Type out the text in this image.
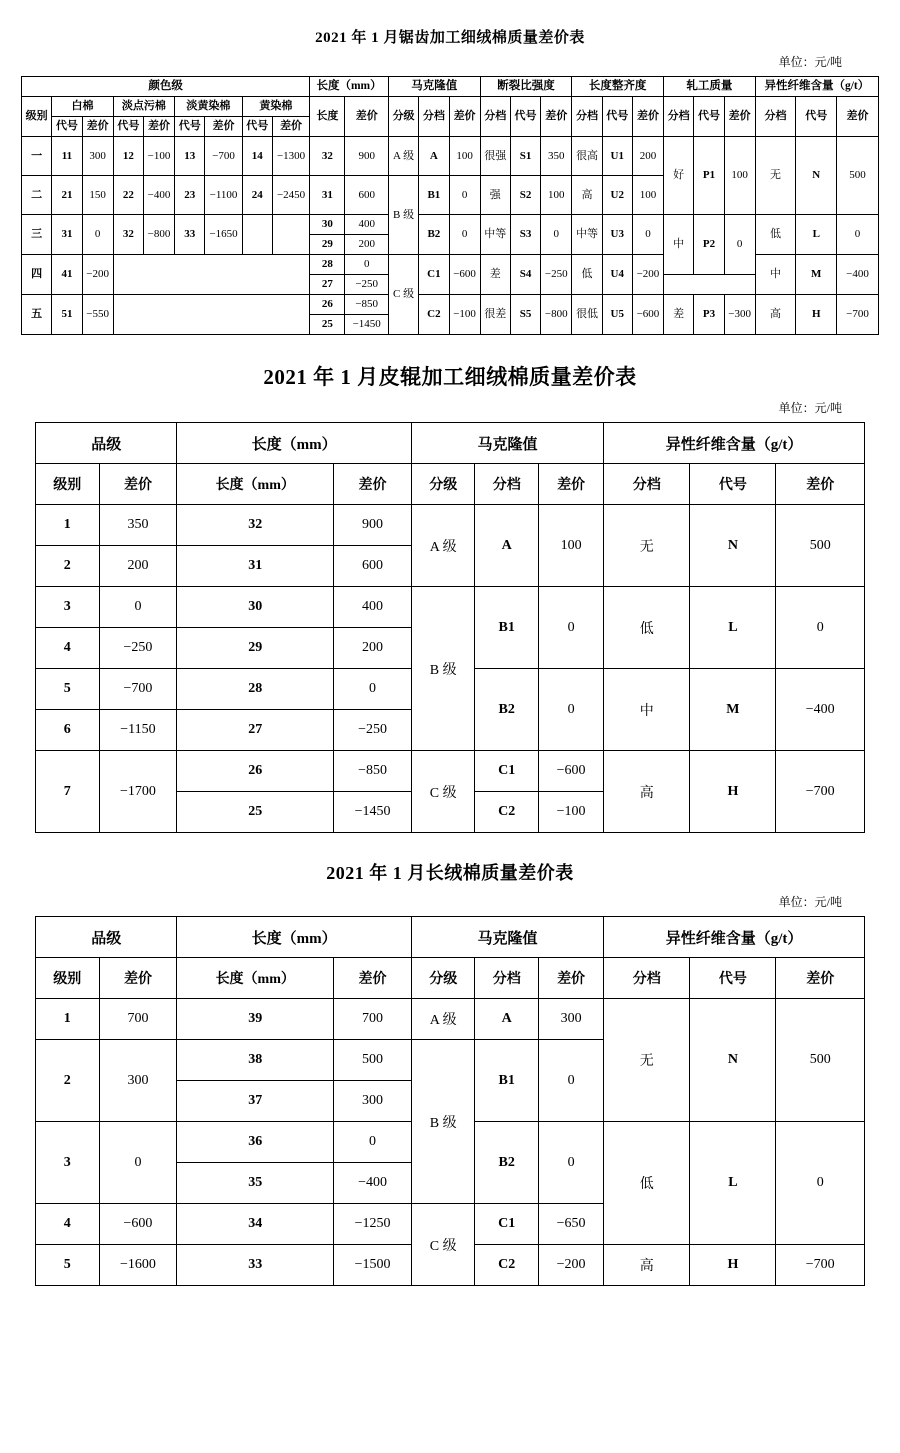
2021 年 1 月锯齿加工细绒棉质量差价表
单位：元/吨
颜色级									长度（mm）		马克隆值			断裂比强度			长度整齐度			轧工质量			异性纤维含量（g/t）		
级别	白棉		淡点污棉		淡黄染棉		黄染棉		长度	差价	分级	分档	差价	分档	代号	差价	分档	代号	差价	分档	代号	差价	分档	代号	差价
	代号	差价	代号	差价	代号	差价	代号	差价																	
一	11	300	12	−100	13	−700	14	−1300	32	900	A 级	A	100	很强	S1	350	很高	U1	200	好	P1	100	无	N	500
二	21	150	22	−400	23	−1100	24	−2450	31	600	B 级	B1	0	强	S2	100	高	U2	100						
三	31	0	32	−800	33	−1650			30	400		B2	0	中等	S3	0	中等	U3	0	中	P2	0	低	L	0
									29	200															
四	41	−200							28	0	C 级	C1	−600	差	S4	−250	低	U4	−200				中	M	−400
									27	−250															
五	51	−550							26	−850		C2	−100	很差	S5	−800	很低	U5	−600	差	P3	−300	高	H	−700
									25	−1450															
2021 年 1 月皮辊加工细绒棉质量差价表
单位：元/吨
品级		长度（mm）		马克隆值			异性纤维含量（g/t）		
级别	差价	长度（mm）	差价	分级	分档	差价	分档	代号	差价
1	350	32	900	A 级	A	100	无	N	500
2	200	31	600						
3	0	30	400	B 级	B1	0	低	L	0
4	−250	29	200						
5	−700	28	0		B2	0	中	M	−400
6	−1150	27	−250						
7	−1700	26	−850	C 级	C1	−600	高	H	−700
		25	−1450		C2	−100			
2021 年 1 月长绒棉质量差价表
单位：元/吨
品级		长度（mm）		马克隆值			异性纤维含量（g/t）		
级别	差价	长度（mm）	差价	分级	分档	差价	分档	代号	差价
1	700	39	700	A 级	A	300	无	N	500
2	300	38	500	B 级	B1	0			
		37	300						
3	0	36	0		B2	0	低	L	0
		35	−400						
4	−600	34	−1250	C 级	C1	−650			
5	−1600	33	−1500		C2	−200	高	H	−700
